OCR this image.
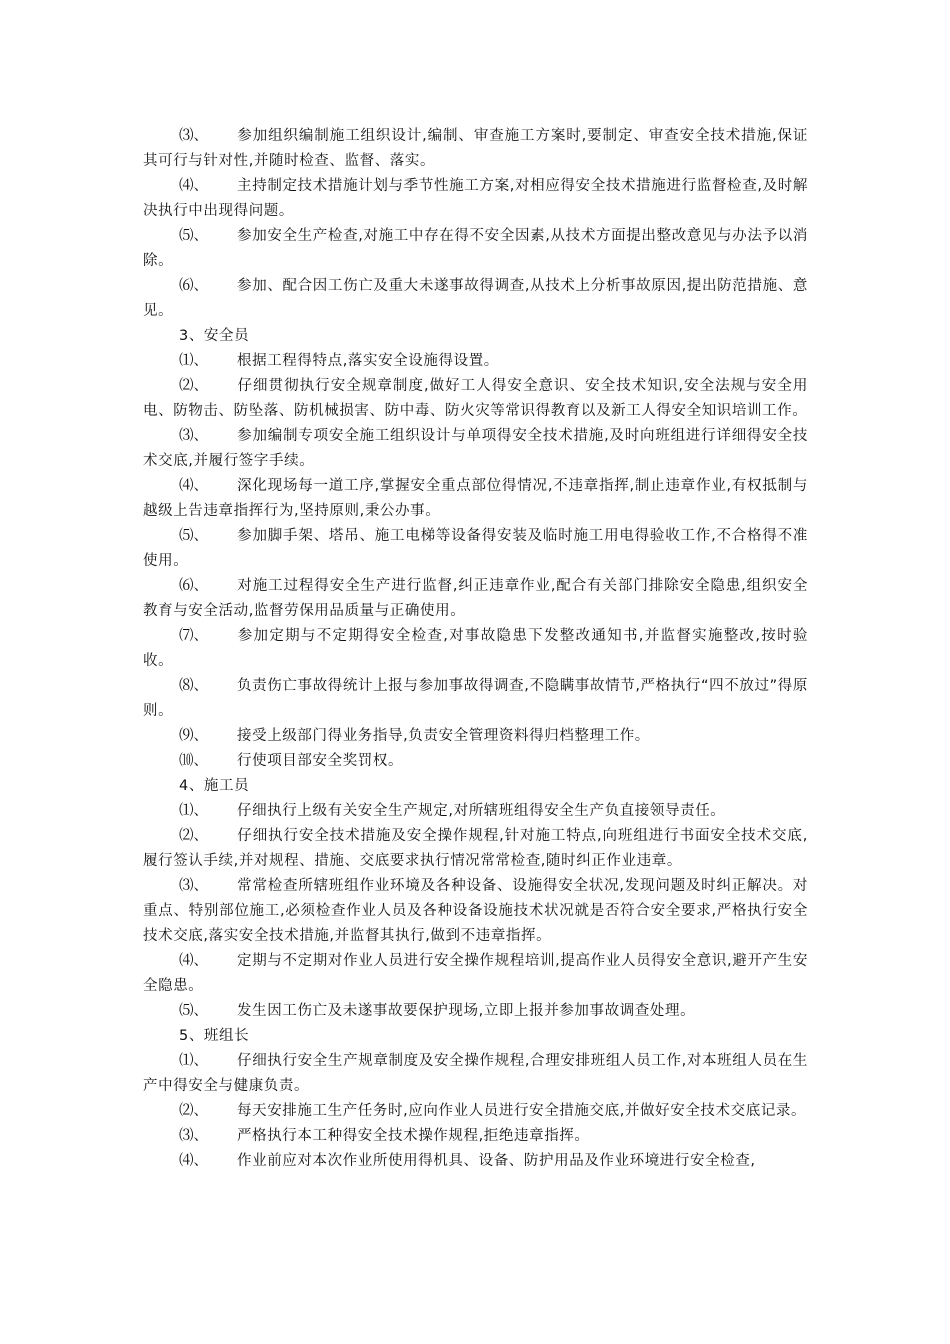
⑶、 参加组织编制施工组织设计,编制、审查施工方案时,要制定、审查安全技术措施,保证其可行与针对性,并随时检查、监督、落实。

⑷、 主持制定技术措施计划与季节性施工方案,对相应得安全技术措施进行监督检查,及时解决执行中出现得问题。

⑸、 参加安全生产检查,对施工中存在得不安全因素,从技术方面提出整改意见与办法予以消除。

⑹、 参加、配合因工伤亡及重大未遂事故得调查,从技术上分析事故原因,提出防范措施、意见。

3、安全员

⑴、 根据工程得特点,落实安全设施得设置。

⑵、 仔细贯彻执行安全规章制度,做好工人得安全意识、安全技术知识,安全法规与安全用电、防物击、防坠落、防机械损害、防中毒、防火灾等常识得教育以及新工人得安全知识培训工作。

⑶、 参加编制专项安全施工组织设计与单项得安全技术措施,及时向班组进行详细得安全技术交底,并履行签字手续。

⑷、 深化现场每一道工序,掌握安全重点部位得情况,不违章指挥,制止违章作业,有权抵制与越级上告违章指挥行为,坚持原则,秉公办事。

⑸、 参加脚手架、塔吊、施工电梯等设备得安装及临时施工用电得验收工作,不合格得不准使用。

⑹、 对施工过程得安全生产进行监督,纠正违章作业,配合有关部门排除安全隐患,组织安全教育与安全活动,监督劳保用品质量与正确使用。

⑺、 参加定期与不定期得安全检查,对事故隐患下发整改通知书,并监督实施整改,按时验收。

⑻、 负责伤亡事故得统计上报与参加事故得调查,不隐瞒事故情节,严格执行“四不放过”得原则。

⑼、 接受上级部门得业务指导,负责安全管理资料得归档整理工作。

⑽、 行使项目部安全奖罚权。

4、施工员

⑴、 仔细执行上级有关安全生产规定,对所辖班组得安全生产负直接领导责任。

⑵、 仔细执行安全技术措施及安全操作规程,针对施工特点,向班组进行书面安全技术交底,履行签认手续,并对规程、措施、交底要求执行情况常常检查,随时纠正作业违章。

⑶、 常常检查所辖班组作业环境及各种设备、设施得安全状况,发现问题及时纠正解决。对重点、特别部位施工,必须检查作业人员及各种设备设施技术状况就是否符合安全要求,严格执行安全技术交底,落实安全技术措施,并监督其执行,做到不违章指挥。

⑷、 定期与不定期对作业人员进行安全操作规程培训,提高作业人员得安全意识,避开产生安全隐患。

⑸、 发生因工伤亡及未遂事故要保护现场,立即上报并参加事故调查处理。

5、班组长

⑴、 仔细执行安全生产规章制度及安全操作规程,合理安排班组人员工作,对本班组人员在生产中得安全与健康负责。

⑵、 每天安排施工生产任务时,应向作业人员进行安全措施交底,并做好安全技术交底记录。

⑶、 严格执行本工种得安全技术操作规程,拒绝违章指挥。

⑷、 作业前应对本次作业所使用得机具、设备、防护用品及作业环境进行安全检查,
